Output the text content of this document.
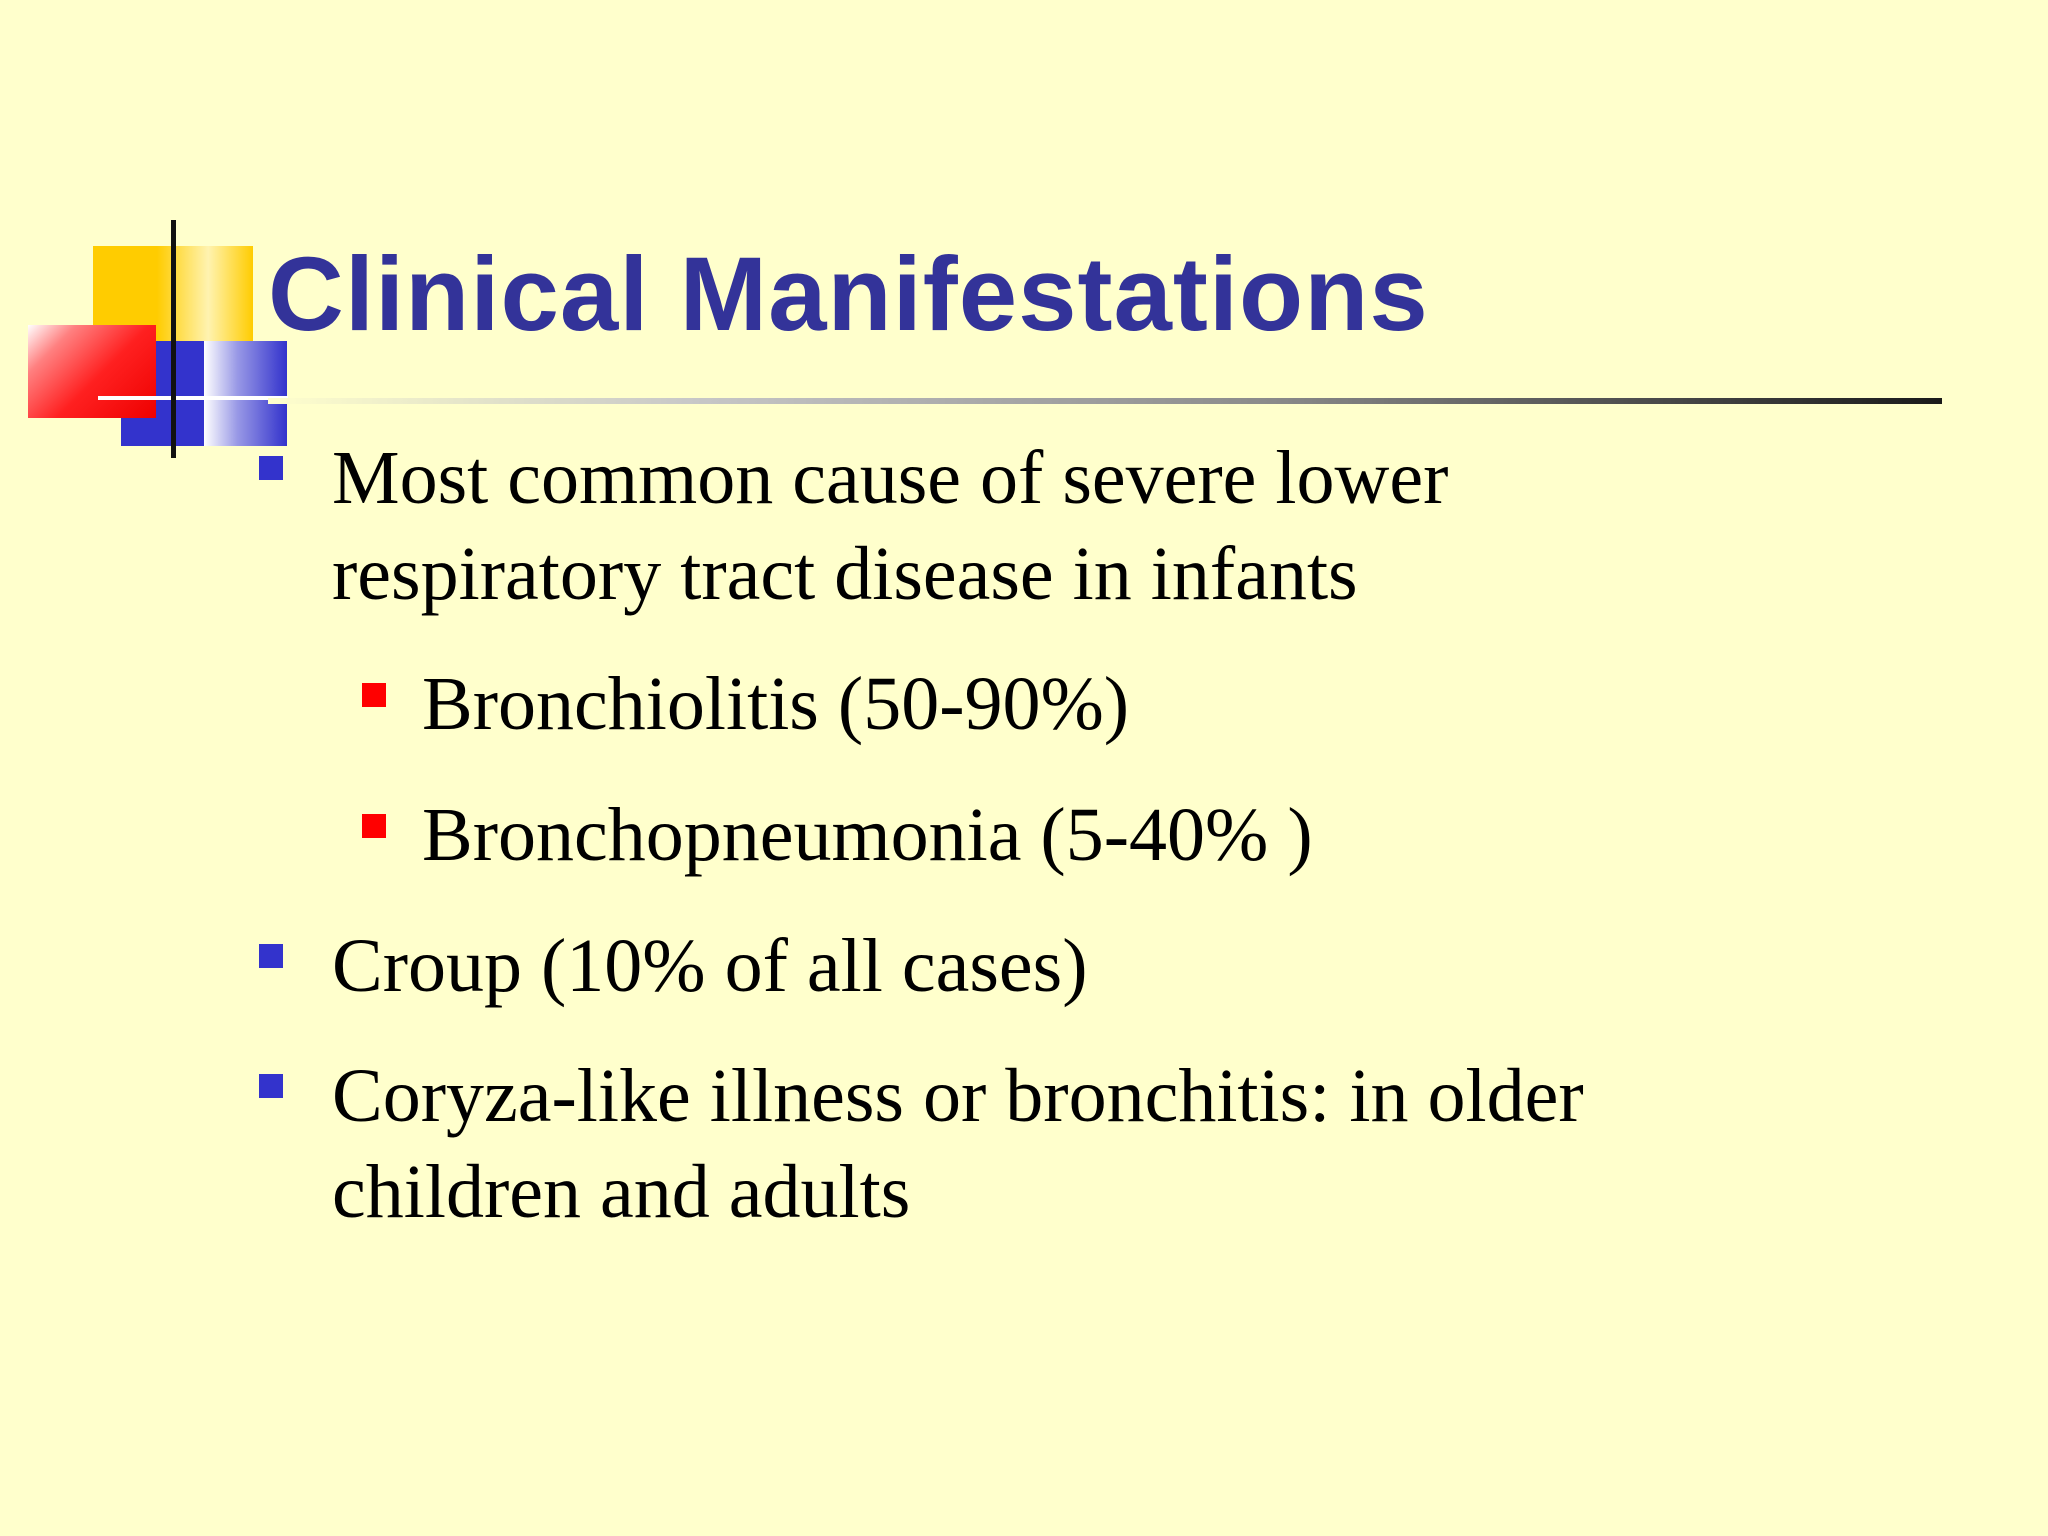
Clinical Manifestations
Most common cause of severe lower
respiratory tract disease in infants
Bronchiolitis (50-90%)
Bronchopneumonia (5-40% )
Croup (10% of all cases)
Coryza-like illness or bronchitis: in older
children and adults
